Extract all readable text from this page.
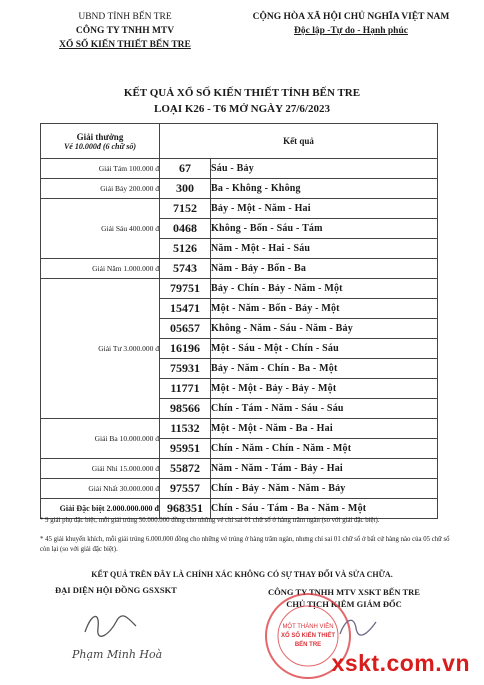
UBND TỈNH BẾN TRE
CÔNG TY TNHH MTV
XỔ SỐ KIẾN THIẾT BẾN TRE
CỘNG HÒA XÃ HỘI CHỦ NGHĨA VIỆT NAM
Độc lập -Tự do - Hạnh phúc
KẾT QUẢ XỔ SỐ KIẾN THIẾT TỈNH BẾN TRE
LOẠI K26 - T6 MỞ NGÀY 27/6/2023
Giải thưởng
Vé 10.000đ (6 chữ số)	Kết quả	
Giải Tám 100.000 đ	67	Sáu - Bảy
Giải Bảy 200.000 đ	300	Ba - Không - Không
Giải Sáu 400.000 đ	7152	Bảy - Một - Năm - Hai
	0468	Không - Bốn - Sáu - Tám
	5126	Năm - Một - Hai - Sáu
Giải Năm 1.000.000 đ	5743	Năm - Bảy - Bốn - Ba
Giải Tư 3.000.000 đ	79751	Bảy - Chín - Bảy - Năm - Một
	15471	Một - Năm - Bốn - Bảy - Một
	05657	Không - Năm - Sáu - Năm - Bảy
	16196	Một - Sáu - Một - Chín - Sáu
	75931	Bảy - Năm - Chín - Ba - Một
	11771	Một - Một - Bảy - Bảy - Một
	98566	Chín - Tám - Năm - Sáu - Sáu
Giải Ba 10.000.000 đ	11532	Một - Một - Năm - Ba - Hai
	95951	Chín - Năm - Chín - Năm - Một
Giải Nhì 15.000.000 đ	55872	Năm - Năm - Tám - Bảy - Hai
Giải Nhất 30.000.000 đ	97557	Chín - Bảy - Năm - Năm - Bảy
Giải Đặc biệt 2.000.000.000 đ	968351	Chín - Sáu - Tám - Ba - Năm - Một
* 9 giải phụ đặc biệt, mỗi giải trúng 50.000.000 đồng cho những vé chỉ sai 01 chữ số ở hàng trăm ngàn (so với giải đặc biệt).
* 45 giải khuyến khích, mỗi giải trúng 6.000.000 đồng cho những vé trúng ở hàng trăm ngàn, nhưng chỉ sai 01 chữ số ở bất cứ hàng nào của 05 chữ số còn lại (so với giải đặc biệt).
KẾT QUẢ TRÊN ĐÂY LÀ CHÍNH XÁC KHÔNG CÓ SỰ THAY ĐỔI VÀ SỬA CHỮA.
ĐẠI DIỆN HỘI ĐỒNG GSXSKT	CÔNG TY TNHH MTV XSKT BẾN TRE
CHỦ TỊCH KIÊM GIÁM ĐỐC
Phạm Minh Hoà
MỘT THÀNH VIÊN
XỔ SỐ KIẾN THIẾT
BẾN TRE
xskt.com.vn
